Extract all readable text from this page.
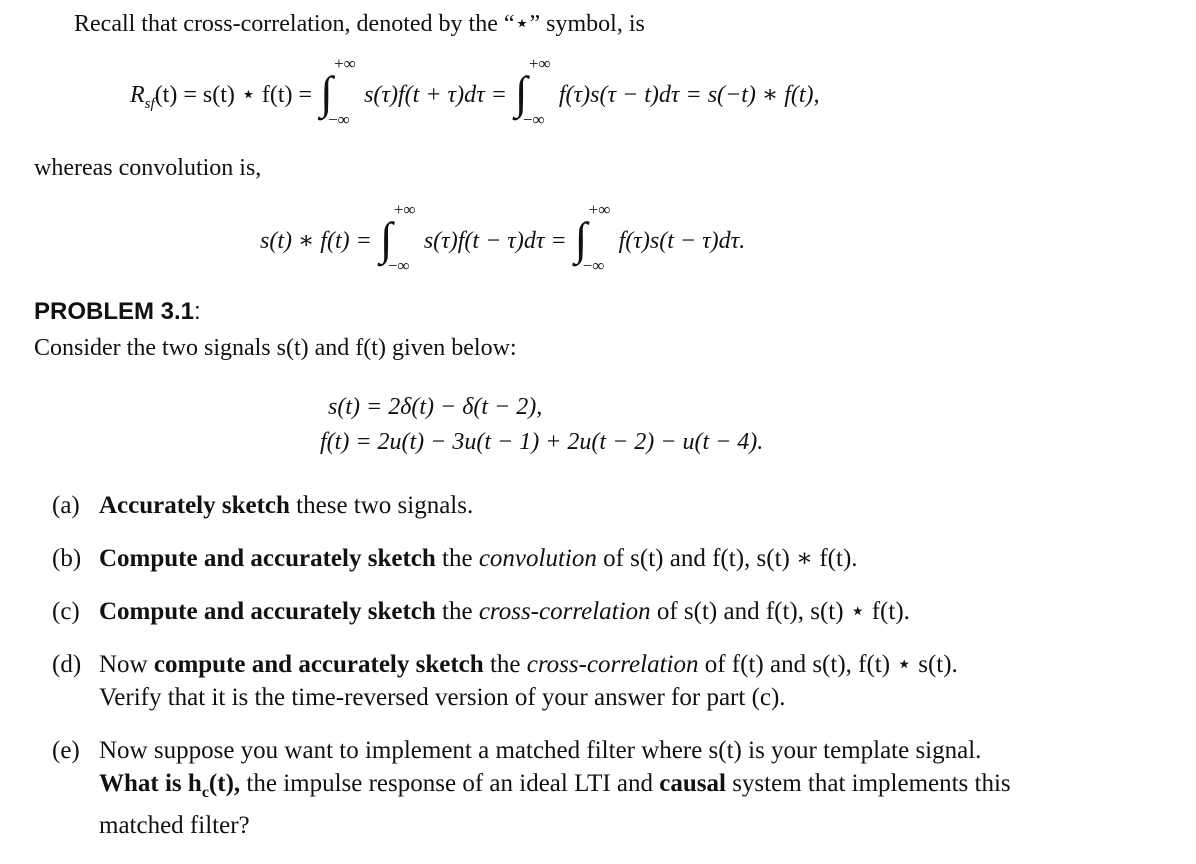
Recall that cross-correlation, denoted by the “⋆” symbol, is
$R_{sf}(t) = s(t)$ ⋆ f(t) = ∫
+∞
−∞
s(τ)f(t + τ)dτ = ∫
+∞
−∞
f(τ)s(τ − t)dτ = s(−t) ∗ f(t),
whereas convolution is,
s(t) ∗ f(t) = ∫
+∞
−∞
s(τ)f(t − τ)dτ = ∫
+∞
−∞
f(τ)s(t − τ)dτ.
PROBLEM 3.1:
Consider the two signals s(t) and f(t) given below:
s(t) = 2δ(t) − δ(t − 2),
f(t) = 2u(t) − 3u(t − 1) + 2u(t − 2) − u(t − 4).
(a) Accurately sketch these two signals.
(b) Compute and accurately sketch the convolution of s(t) and f(t), s(t) ∗ f(t).
(c) Compute and accurately sketch the cross-correlation of s(t) and f(t), s(t) ⋆ f(t).
(d) Now compute and accurately sketch the cross-correlation of f(t) and s(t), f(t) ⋆ s(t).
Verify that it is the time-reversed version of your answer for part (c).
(e) Now suppose you want to implement a matched filter where s(t) is your template signal.
What is $h_c(t)$, the impulse response of an ideal LTI and causal system that implements this
matched filter?
